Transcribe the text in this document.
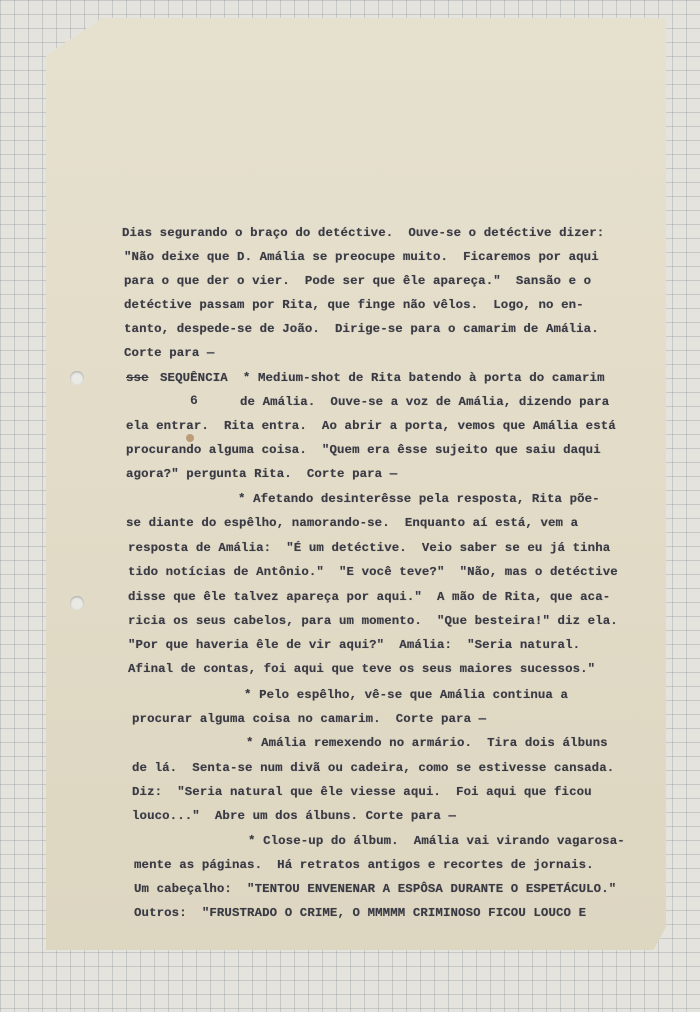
Dias segurando o braço do detéctive.  Ouve-se o detéctive dizer:
"Não deixe que D. Amália se preocupe muito.  Ficaremos por aqui
para o que der o vier.  Pode ser que êle apareça."  Sansão e o
detéctive passam por Rita, que finge não vêlos.  Logo, no en-
tanto, despede-se de João.  Dirige-se para o camarim de Amália.
Corte para —
sse SEQUÊNCIA  * Medium-shot de Rita batendo à porta do camarim
6	de Amália.  Ouve-se a voz de Amália, dizendo para
ela entrar.  Rita entra.  Ao abrir a porta, vemos que Amália está
procurando alguma coisa.  "Quem era êsse sujeito que saiu daqui
agora?" pergunta Rita.  Corte para —
* Afetando desinterêsse pela resposta, Rita põe-
se diante do espêlho, namorando-se.  Enquanto aí está, vem a
resposta de Amália:  "É um detéctive.  Veio saber se eu já tinha
tido notícias de Antônio."  "E você teve?"  "Não, mas o detéctive
disse que êle talvez apareça por aqui."  A mão de Rita, que aca-
ricia os seus cabelos, para um momento.  "Que besteira!" diz ela.
"Por que haveria êle de vir aqui?"  Amália:  "Seria natural.
Afinal de contas, foi aqui que teve os seus maiores sucessos."
* Pelo espêlho, vê-se que Amália continua a
procurar alguma coisa no camarim.  Corte para —
* Amália remexendo no armário.  Tira dois álbuns
de lá.  Senta-se num divã ou cadeira, como se estivesse cansada.
Diz:  "Seria natural que êle viesse aqui.  Foi aqui que ficou
louco..."  Abre um dos álbuns. Corte para —
* Close-up do álbum.  Amália vai virando vagarosa-
mente as páginas.  Há retratos antigos e recortes de jornais.
Um cabeçalho:  "TENTOU ENVENENAR A ESPÔSA DURANTE O ESPETÁCULO."
Outros:  "FRUSTRADO O CRIME, O MMMMM CRIMINOSO FICOU LOUCO E
